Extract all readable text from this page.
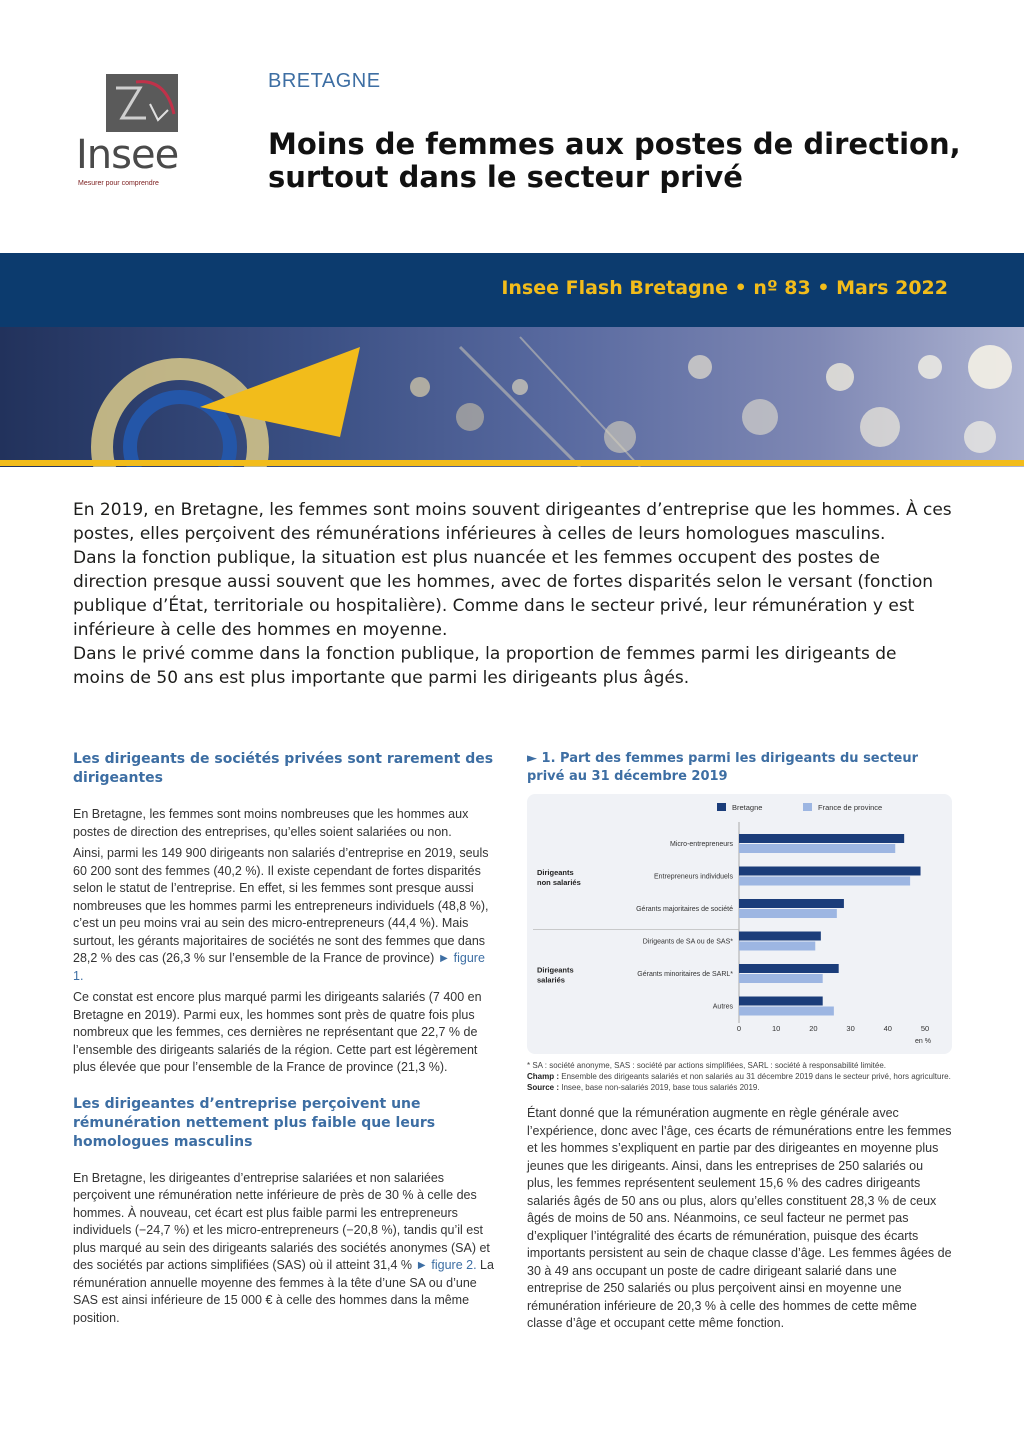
Insee
Mesurer pour comprendre
BRETAGNE
Moins de femmes aux postes de direction, surtout dans le secteur privé
Insee Flash Bretagne • nº 83 • Mars 2022

En 2019, en Bretagne, les femmes sont moins souvent dirigeantes d’entreprise que les hommes. À ces postes, elles perçoivent des rémunérations inférieures à celles de leurs homologues masculins.

Dans la fonction publique, la situation est plus nuancée et les femmes occupent des postes de direction presque aussi souvent que les hommes, avec de fortes disparités selon le versant (fonction publique d’État, territoriale ou hospitalière). Comme dans le secteur privé, leur rémunération y est inférieure à celle des hommes en moyenne.

Dans le privé comme dans la fonction publique, la proportion de femmes parmi les dirigeants de moins de 50 ans est plus importante que parmi les dirigeants plus âgés.

Les dirigeants de sociétés privées sont rarement des dirigeantes

En Bretagne, les femmes sont moins nombreuses que les hommes aux postes de direction des entreprises, qu’elles soient salariées ou non.

Ainsi, parmi les 149 900 dirigeants non salariés d’entreprise en 2019, seuls 60 200 sont des femmes (40,2 %). Il existe cependant de fortes disparités selon le statut de l’entreprise. En effet, si les femmes sont presque aussi nombreuses que les hommes parmi les entrepreneurs individuels (48,8 %), c’est un peu moins vrai au sein des micro-entrepreneurs (44,4 %). Mais surtout, les gérants majoritaires de sociétés ne sont des femmes que dans 28,2 % des cas (26,3 % sur l’ensemble de la France de province) ► figure 1.

Ce constat est encore plus marqué parmi les dirigeants salariés (7 400 en Bretagne en 2019). Parmi eux, les hommes sont près de quatre fois plus nombreux que les femmes, ces dernières ne représentant que 22,7 % de l’ensemble des dirigeants salariés de la région. Cette part est légèrement plus élevée que pour l’ensemble de la France de province (21,3 %).

Les dirigeantes d’entreprise perçoivent une rémunération nettement plus faible que leurs homologues masculins

En Bretagne, les dirigeantes d’entreprise salariées et non salariées perçoivent une rémunération nette inférieure de près de 30 % à celle des hommes. À nouveau, cet écart est plus faible parmi les entrepreneurs individuels (−24,7 %) et les micro-entrepreneurs (−20,8 %), tandis qu’il est plus marqué au sein des dirigeants salariés des sociétés anonymes (SA) et des sociétés par actions simplifiées (SAS) où il atteint 31,4 % ► figure 2. La rémunération annuelle moyenne des femmes à la tête d’une SA ou d’une SAS est ainsi inférieure de 15 000 € à celle des hommes dans la même position.

► 1. Part des femmes parmi les dirigeants du secteur privé au 31 décembre 2019
Bretagne	France de province
Dirigeants
non salariés
Dirigeants
salariés
Micro-entrepreneurs
Entrepreneurs individuels
Gérants majoritaires de société
Dirigeants de SA ou de SAS*
Gérants minoritaires de SARL*
Autres
0	10	20	30	40	50
en %

* SA : société anonyme, SAS : société par actions simplifiées, SARL : société à responsabilité limitée.

Champ : Ensemble des dirigeants salariés et non salariés au 31 décembre 2019 dans le secteur privé, hors agriculture.

Source : Insee, base non-salariés 2019, base tous salariés 2019.

Étant donné que la rémunération augmente en règle générale avec l’expérience, donc avec l’âge, ces écarts de rémunérations entre les femmes et les hommes s’expliquent en partie par des dirigeantes en moyenne plus jeunes que les dirigeants. Ainsi, dans les entreprises de 250 salariés ou plus, les femmes représentent seulement 15,6 % des cadres dirigeants salariés âgés de 50 ans ou plus, alors qu’elles constituent 28,3 % de ceux âgés de moins de 50 ans. Néanmoins, ce seul facteur ne permet pas d’expliquer l’intégralité des écarts de rémunération, puisque des écarts importants persistent au sein de chaque classe d’âge. Les femmes âgées de 30 à 49 ans occupant un poste de cadre dirigeant salarié dans une entreprise de 250 salariés ou plus perçoivent ainsi en moyenne une rémunération inférieure de 20,3 % à celle des hommes de cette même classe d’âge et occupant cette même fonction.
